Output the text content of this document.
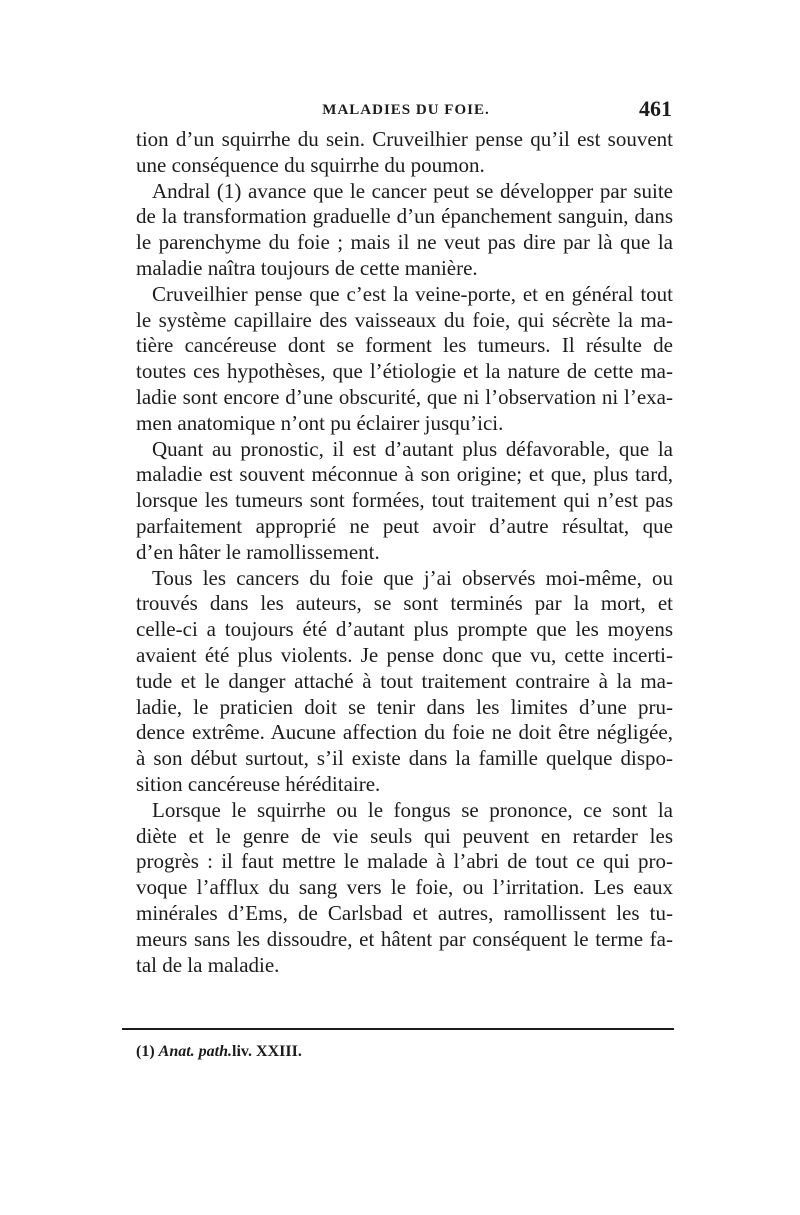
MALADIES DU FOIE.	461
tion d’un squirrhe du sein. Cruveilhier pense qu’il est souvent
une conséquence du squirrhe du poumon.
Andral (1) avance que le cancer peut se développer par suite
de la transformation graduelle d’un épanchement sanguin, dans
le parenchyme du foie ; mais il ne veut pas dire par là que la
maladie naîtra toujours de cette manière.
Cruveilhier pense que c’est la veine-porte, et en général tout
le système capillaire des vaisseaux du foie, qui sécrète la ma-
tière cancéreuse dont se forment les tumeurs. Il résulte de
toutes ces hypothèses, que l’étiologie et la nature de cette ma-
ladie sont encore d’une obscurité, que ni l’observation ni l’exa-
men anatomique n’ont pu éclairer jusqu’ici.
Quant au pronostic, il est d’autant plus défavorable, que la
maladie est souvent méconnue à son origine; et que, plus tard,
lorsque les tumeurs sont formées, tout traitement qui n’est pas
parfaitement approprié ne peut avoir d’autre résultat, que
d’en hâter le ramollissement.
Tous les cancers du foie que j’ai observés moi-même, ou
trouvés dans les auteurs, se sont terminés par la mort, et
celle-ci a toujours été d’autant plus prompte que les moyens
avaient été plus violents. Je pense donc que vu, cette incerti-
tude et le danger attaché à tout traitement contraire à la ma-
ladie, le praticien doit se tenir dans les limites d’une pru-
dence extrême. Aucune affection du foie ne doit être négligée,
à son début surtout, s’il existe dans la famille quelque dispo-
sition cancéreuse héréditaire.
Lorsque le squirrhe ou le fongus se prononce, ce sont la
diète et le genre de vie seuls qui peuvent en retarder les
progrès : il faut mettre le malade à l’abri de tout ce qui pro-
voque l’afflux du sang vers le foie, ou l’irritation. Les eaux
minérales d’Ems, de Carlsbad et autres, ramollissent les tu-
meurs sans les dissoudre, et hâtent par conséquent le terme fa-
tal de la maladie.
(1) Anat. path.liv. XXIII.
